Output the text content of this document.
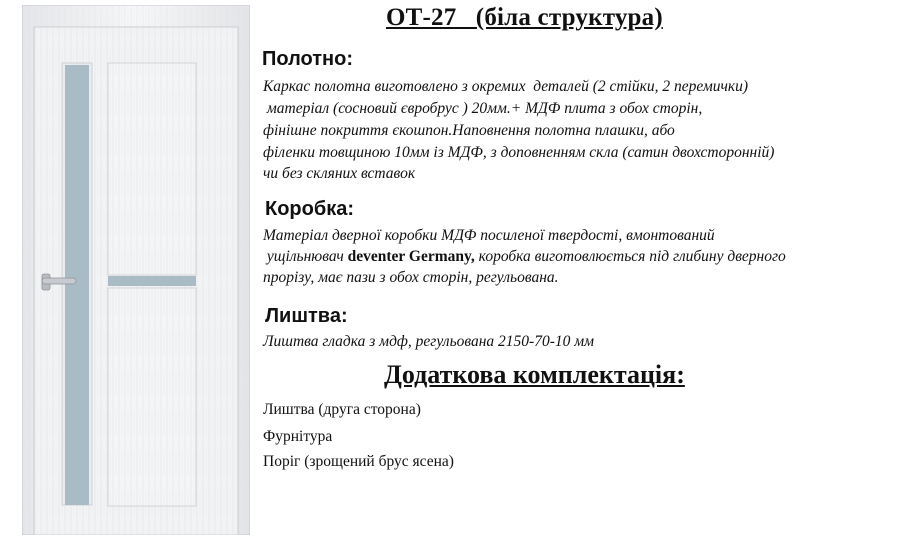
ОТ-27   (біла структура)
Полотно:

Каркас полотна виготовлено з окремих  деталей (2 стійки, 2 перемички)

матеріал (сосновий євробрус ) 20мм.+ МДФ плита з обох сторін,

фінішне покриття єкошпон.Наповнення полотна плашки, або

філенки товщиною 10мм із МДФ, з доповненням скла (сатин двохсторонній)

чи без скляних вставок

Коробка:

Матеріал дверної коробки МДФ посиленої твердості, вмонтований

ущільнювач deventer Germany, коробка виготовлюється під глибину дверного

прорізу, має пази з обох сторін, регульована.

Лиштва:

Лиштва гладка з мдф, регульована 2150-70-10 мм

Додаткова комплектація:

Лиштва (друга сторона)

Фурнітура

Поріг (зрощений брус ясена)
